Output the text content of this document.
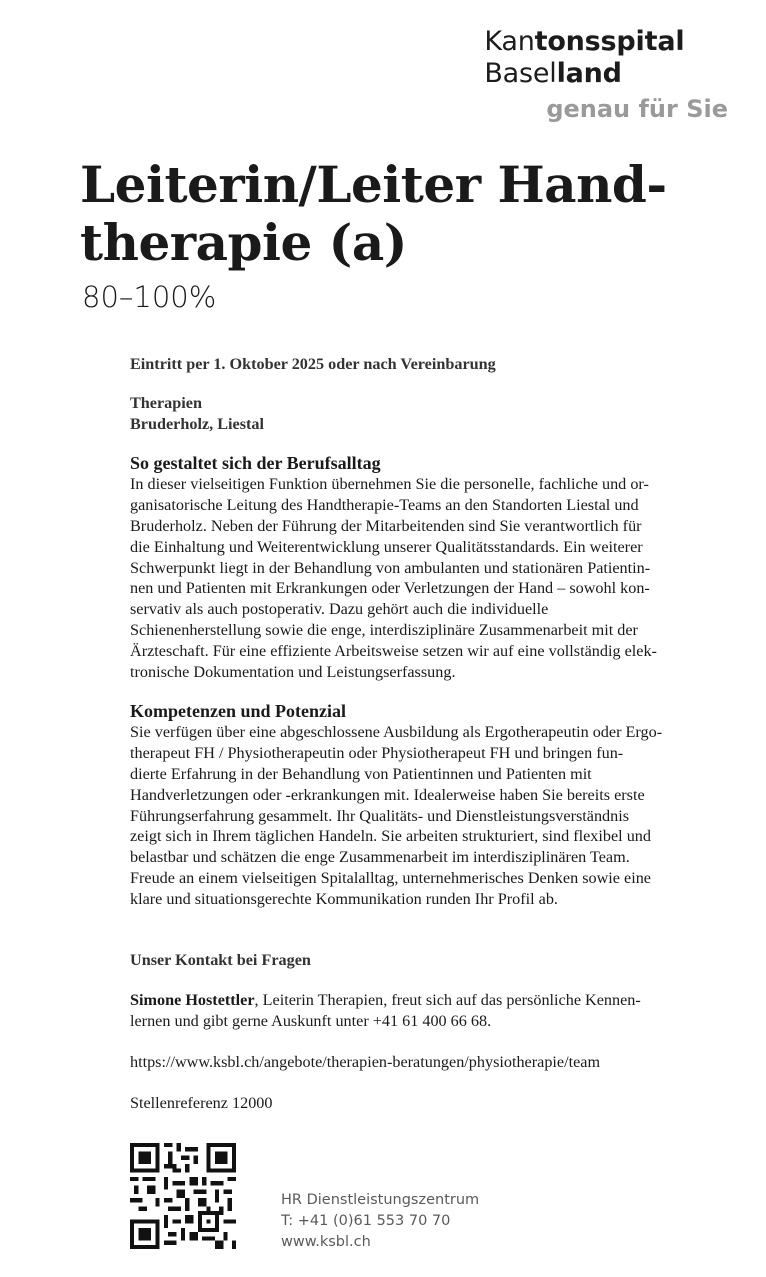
Kantonsspital
Baselland
genau für Sie
Leiterin/Leiter Hand-
therapie (a)
80–100%

Eintritt per 1. Oktober 2025 oder nach Vereinbarung

Therapien

Bruderholz, Liestal

So gestaltet sich der Berufsalltag

In dieser vielseitigen Funktion übernehmen Sie die personelle, fachliche und or-
ganisatorische Leitung des Handtherapie-Teams an den Standorten Liestal und
Bruderholz. Neben der Führung der Mitarbeitenden sind Sie verantwortlich für
die Einhaltung und Weiterentwicklung unserer Qualitätsstandards. Ein weiterer
Schwerpunkt liegt in der Behandlung von ambulanten und stationären Patientin-
nen und Patienten mit Erkrankungen oder Verletzungen der Hand – sowohl kon-
servativ als auch postoperativ. Dazu gehört auch die individuelle
Schienenherstellung sowie die enge, interdisziplinäre Zusammenarbeit mit der
Ärzteschaft. Für eine effiziente Arbeitsweise setzen wir auf eine vollständig elek-
tronische Dokumentation und Leistungserfassung.

Kompetenzen und Potenzial

Sie verfügen über eine abgeschlossene Ausbildung als Ergotherapeutin oder Ergo-
therapeut FH / Physiotherapeutin oder Physiotherapeut FH und bringen fun-
dierte Erfahrung in der Behandlung von Patientinnen und Patienten mit
Handverletzungen oder -erkrankungen mit. Idealerweise haben Sie bereits erste
Führungserfahrung gesammelt. Ihr Qualitäts- und Dienstleistungsverständnis
zeigt sich in Ihrem täglichen Handeln. Sie arbeiten strukturiert, sind flexibel und
belastbar und schätzen die enge Zusammenarbeit im interdisziplinären Team.
Freude an einem vielseitigen Spitalalltag, unternehmerisches Denken sowie eine
klare und situationsgerechte Kommunikation runden Ihr Profil ab.

Unser Kontakt bei Fragen

Simone Hostettler, Leiterin Therapien, freut sich auf das persönliche Kennen-
lernen und gibt gerne Auskunft unter +41 61 400 66 68.

https://www.ksbl.ch/angebote/therapien-beratungen/physiotherapie/team

Stellenreferenz 12000

HR Dienstleistungszentrum
T: +41 (0)61 553 70 70
www.ksbl.ch
